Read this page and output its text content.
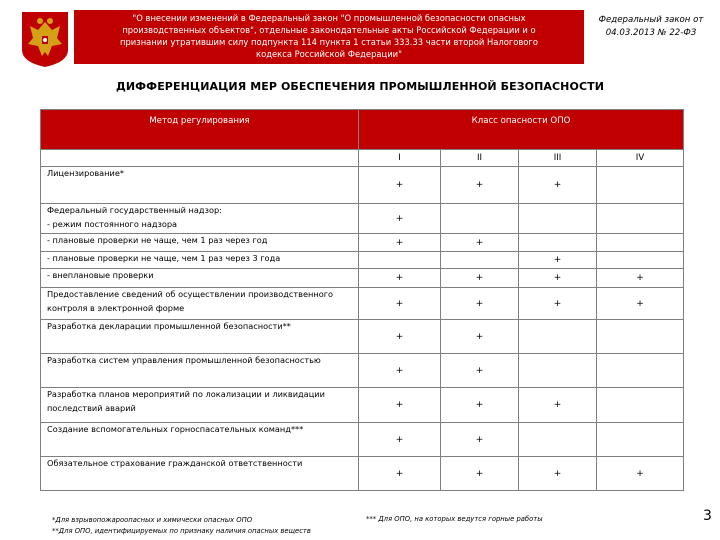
"О внесении изменений в Федеральный закон "О промышленной безопасности опасных
производственных объектов", отдельные законодательные акты Российской Федерации и о
признании утратившим силу подпункта 114 пункта 1 статьи 333.33 части второй Налогового
кодекса Российской Федерации"
Федеральный закон от
04.03.2013 № 22-ФЗ
ДИФФЕРЕНЦИАЦИЯ МЕР ОБЕСПЕЧЕНИЯ ПРОМЫШЛЕННОЙ БЕЗОПАСНОСТИ
Метод регулирования	Класс опасности ОПО			
	I	II	III	IV
Лицензирование*	+	+	+	
Федеральный государственный надзор:
- режим постоянного надзора	+			
- плановые проверки не чаще, чем 1 раз через год	+	+		
- плановые проверки не чаще, чем 1 раз через 3 года			+	
- внеплановые проверки	+	+	+	+
Предоставление сведений об осуществлении производственного контроля в электронной форме	+	+	+	+
Разработка декларации промышленной безопасности**	+	+		
Разработка систем управления промышленной безопасностью	+	+		
Разработка планов мероприятий по локализации и ликвидации последствий аварий	+	+	+	
Создание вспомогательных горноспасательных команд***	+	+		
Обязательное страхование гражданской ответственности	+	+	+	+
*Для взрывопожароопасных и химически опасных ОПО
**Для ОПО, идентифицируемых по признаку наличия опасных веществ
*** Для ОПО, на которых ведутся горные работы	3
